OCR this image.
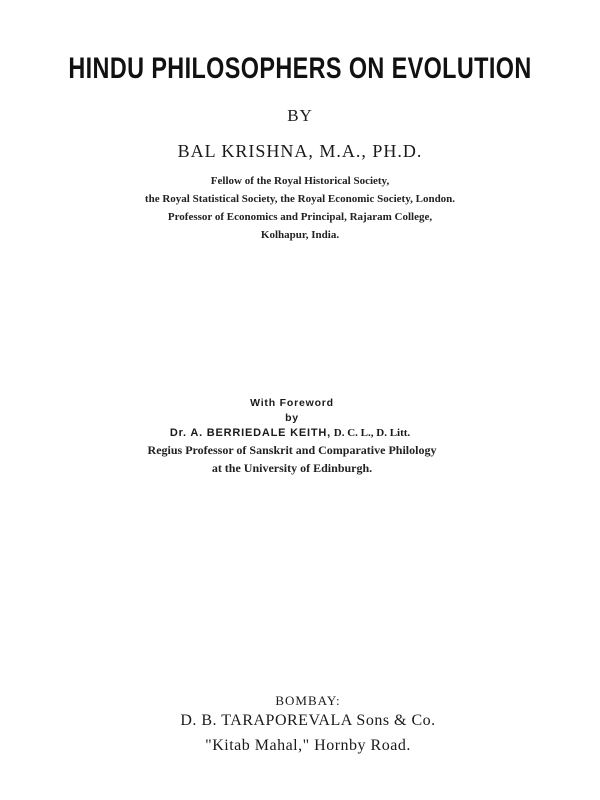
HINDU PHILOSOPHERS ON EVOLUTION
BY
BAL KRISHNA, M.A., PH.D.
Fellow of the Royal Historical Society,
the Royal Statistical Society, the Royal Economic Society, London.
Professor of Economics and Principal, Rajaram College,
Kolhapur, India.
With Foreword
by
Dr. A. BERRIEDALE KEITH, D. C. L., D. Litt.
Regius Professor of Sanskrit and Comparative Philology
at the University of Edinburgh.
BOMBAY:
D. B. TARAPOREVALA Sons & Co.
"Kitab Mahal," Hornby Road.
